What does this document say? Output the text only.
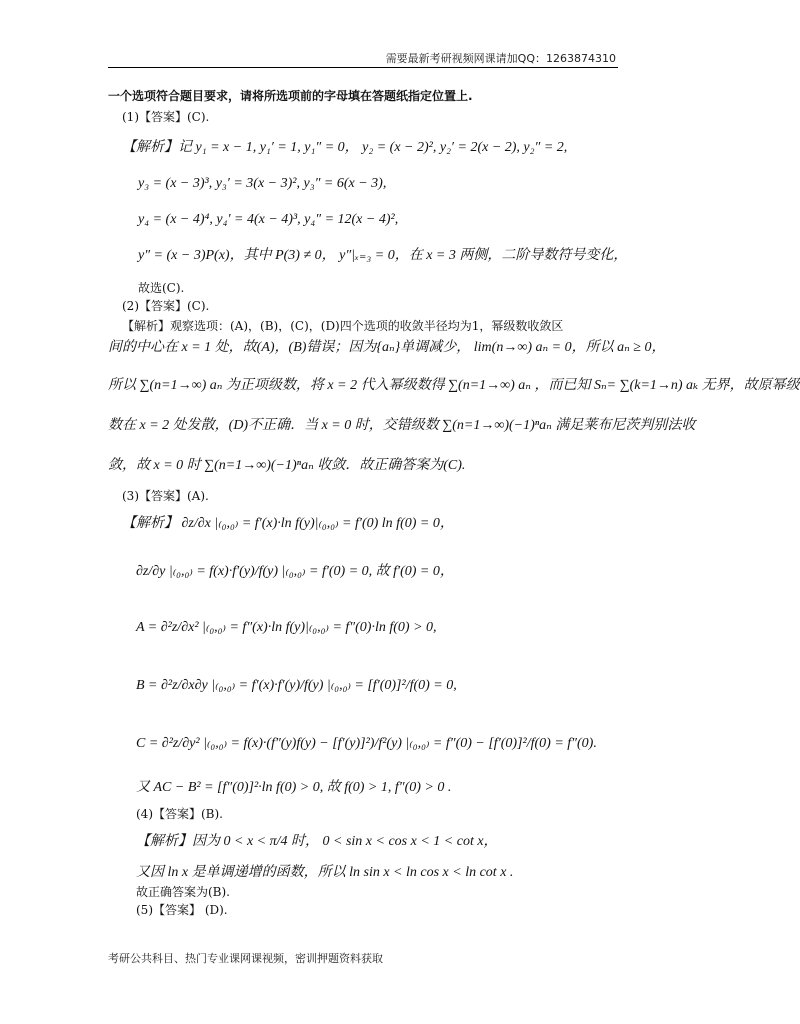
需要最新考研视频网课请加QQ：1263874310
一个选项符合题目要求，请将所选项前的字母填在答题纸指定位置上.
(1)【答案】(C).
【解析】记 y₁ = x − 1, y₁′ = 1, y₁″ = 0， y₂ = (x − 2)², y₂′ = 2(x − 2), y₂″ = 2,
y₃ = (x − 3)³, y₃′ = 3(x − 3)², y₃″ = 6(x − 3),
y₄ = (x − 4)⁴, y₄′ = 4(x − 4)³, y₄″ = 12(x − 4)²,
y″ = (x − 3)P(x)，其中 P(3) ≠ 0， y″|ₓ₌₃ = 0，在 x = 3 两侧，二阶导数符号变化，
故选(C).
(2)【答案】(C).
【解析】观察选项：(A)，(B)，(C)，(D)四个选项的收敛半径均为1，幂级数收敛区
间的中心在 x = 1 处，故(A)，(B)错误；因为{aₙ}单调减少， lim(n→∞) aₙ = 0，所以 aₙ ≥ 0，
所以 ∑(n=1→∞) aₙ 为正项级数，将 x = 2 代入幂级数得 ∑(n=1→∞) aₙ ，而已知 Sₙ= ∑(k=1→n) aₖ 无界，故原幂级
数在 x = 2 处发散，(D)不正确．当 x = 0 时，交错级数 ∑(n=1→∞)(−1)ⁿaₙ 满足莱布尼茨判别法收
敛，故 x = 0 时 ∑(n=1→∞)(−1)ⁿaₙ 收敛．故正确答案为(C).
(3)【答案】(A).
【解析】 ∂z/∂x |₍₀,₀₎ = f′(x)·ln f(y)|₍₀,₀₎ = f′(0) ln f(0) = 0，
∂z/∂y |₍₀,₀₎ = f(x)·f′(y)/f(y) |₍₀,₀₎ = f′(0) = 0, 故 f′(0) = 0，
A = ∂²z/∂x² |₍₀,₀₎ = f″(x)·ln f(y)|₍₀,₀₎ = f″(0)·ln f(0) > 0,
B = ∂²z/∂x∂y |₍₀,₀₎ = f′(x)·f′(y)/f(y) |₍₀,₀₎ = [f′(0)]²/f(0) = 0,
C = ∂²z/∂y² |₍₀,₀₎ = f(x)·(f″(y)f(y) − [f′(y)]²)/f²(y) |₍₀,₀₎ = f″(0) − [f′(0)]²/f(0) = f″(0).
又 AC − B² = [f″(0)]²·ln f(0) > 0, 故 f(0) > 1, f″(0) > 0 .
(4)【答案】(B).
【解析】因为 0 < x < π/4 时， 0 < sin x < cos x < 1 < cot x，
又因 ln x 是单调递增的函数，所以 ln sin x < ln cos x < ln cot x .
故正确答案为(B).
(5)【答案】 (D).
考研公共科目、热门专业课网课视频，密训押题资料获取
